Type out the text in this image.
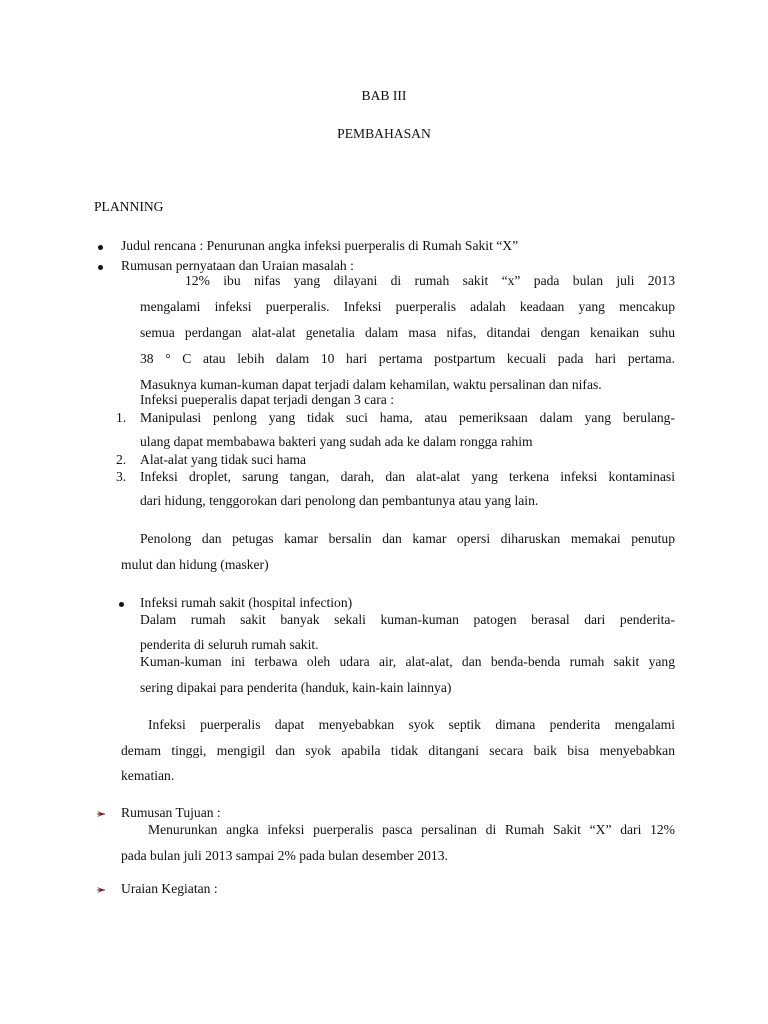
BAB III
PEMBAHASAN
PLANNING
Judul rencana : Penurunan angka infeksi puerperalis di Rumah Sakit “X”
Rumusan pernyataan dan Uraian masalah :
12% ibu nifas yang dilayani di rumah sakit “x” pada bulan juli 2013
mengalami infeksi puerperalis. Infeksi puerperalis adalah keadaan yang mencakup
semua perdangan alat-alat genetalia dalam masa nifas, ditandai dengan kenaikan suhu
38 ° C atau lebih dalam 10 hari pertama postpartum kecuali pada hari pertama.
Masuknya kuman-kuman dapat terjadi dalam kehamilan, waktu persalinan dan nifas.
Infeksi pueperalis dapat terjadi dengan 3 cara :
1. Manipulasi penlong yang tidak suci hama, atau pemeriksaan dalam yang berulang-
ulang dapat membabawa bakteri yang sudah ada ke dalam rongga rahim
2. Alat-alat yang tidak suci hama
3. Infeksi droplet, sarung tangan, darah, dan alat-alat yang terkena infeksi kontaminasi
dari hidung, tenggorokan dari penolong dan pembantunya atau yang lain.
Penolong dan petugas kamar bersalin dan kamar opersi diharuskan memakai penutup
mulut dan hidung (masker)
Infeksi rumah sakit (hospital infection)
Dalam rumah sakit banyak sekali kuman-kuman patogen berasal dari penderita-
penderita di seluruh rumah sakit.
Kuman-kuman ini terbawa oleh udara air, alat-alat, dan benda-benda rumah sakit yang
sering dipakai para penderita (handuk, kain-kain lainnya)
Infeksi puerperalis dapat menyebabkan syok septik dimana penderita mengalami
demam tinggi, mengigil dan syok apabila tidak ditangani secara baik bisa menyebabkan
kematian.
Rumusan Tujuan :
Menurunkan angka infeksi puerperalis pasca persalinan di Rumah Sakit “X” dari 12%
pada bulan juli 2013 sampai 2% pada bulan desember 2013.
Uraian Kegiatan :
